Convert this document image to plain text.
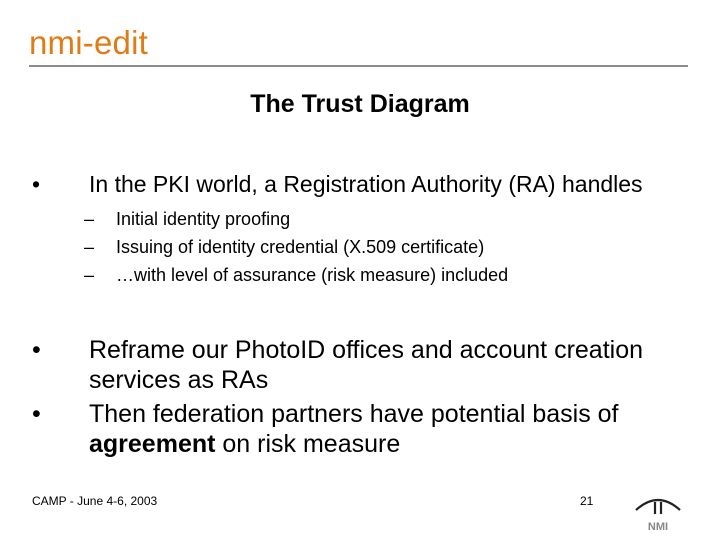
nmi-edit
The Trust Diagram
• In the PKI world, a Registration Authority (RA) handles
– Initial identity proofing
– Issuing of identity credential (X.509 certificate)
– …with level of assurance (risk measure) included
• Reframe our PhotoID offices and account creation services as RAs
• Then federation partners have potential basis of agreement on risk measure
CAMP - June 4-6, 2003	21
NMI
